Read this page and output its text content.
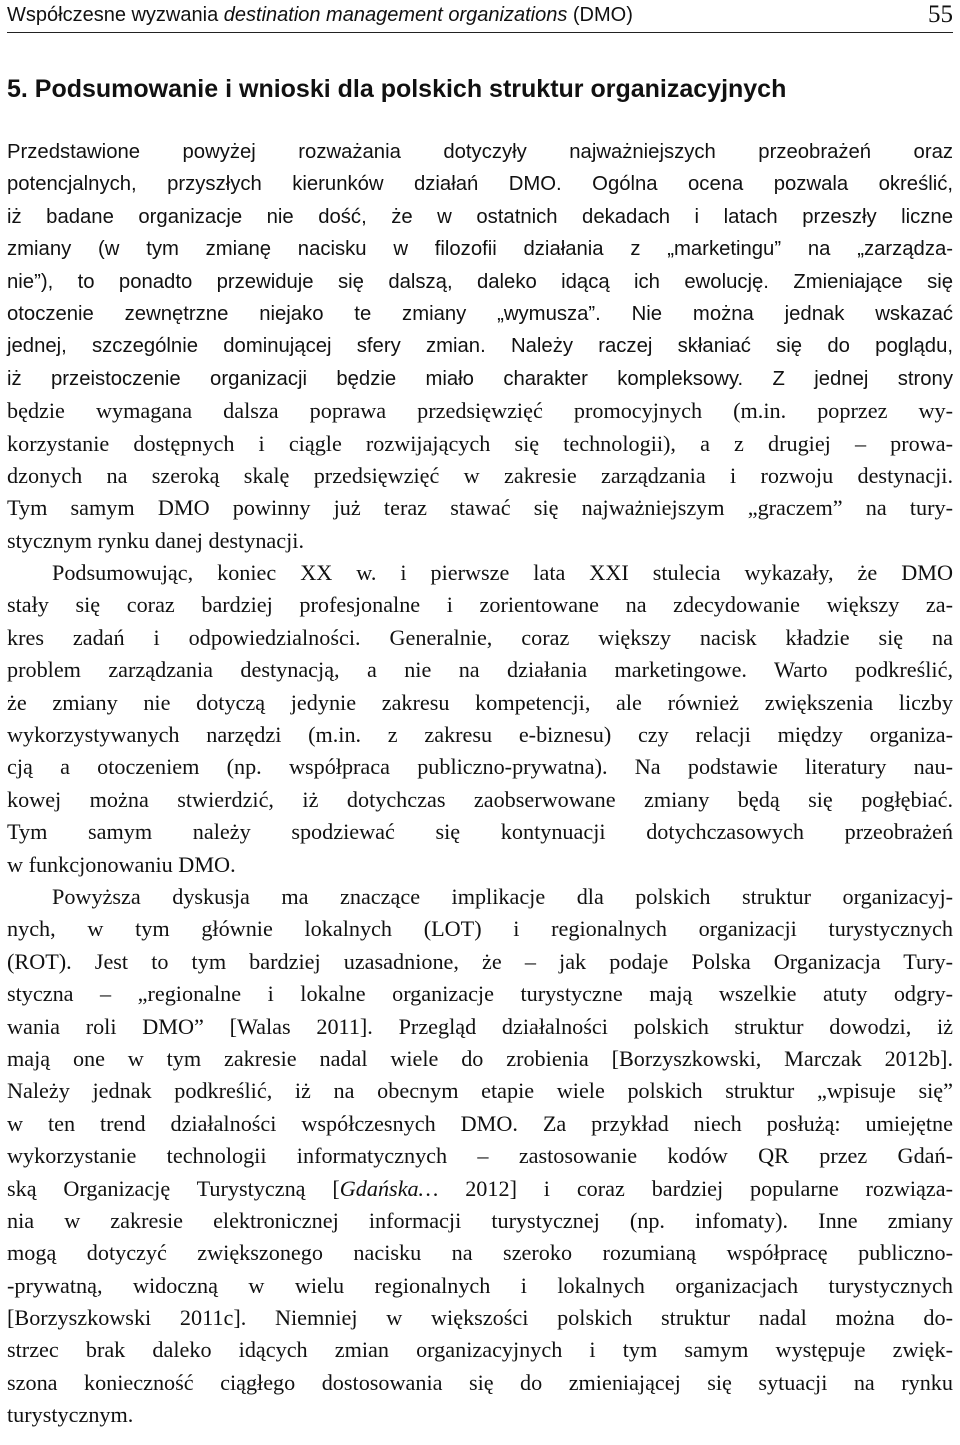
Współczesne wyzwania destination management organizations (DMO)	55
5. Podsumowanie i wnioski dla polskich struktur organizacyjnych
Przedstawione powyżej rozważania dotyczyły najważniejszych przeobrażeń oraz
potencjalnych, przyszłych kierunków działań DMO. Ogólna ocena pozwala określić,
iż badane organizacje nie dość, że w ostatnich dekadach i latach przeszły liczne
zmiany (w tym zmianę nacisku w filozofii działania z „marketingu” na „zarządza-
nie”), to ponadto przewiduje się dalszą, daleko idącą ich ewolucję. Zmieniające się
otoczenie zewnętrzne niejako te zmiany „wymusza”. Nie można jednak wskazać
jednej, szczególnie dominującej sfery zmian. Należy raczej skłaniać się do poglądu,
iż przeistoczenie organizacji będzie miało charakter kompleksowy. Z jednej strony
będzie wymagana dalsza poprawa przedsięwzięć promocyjnych (m.in. poprzez wy-
korzystanie dostępnych i ciągle rozwijających się technologii), a z drugiej – prowa-
dzonych na szeroką skalę przedsięwzięć w zakresie zarządzania i rozwoju destynacji.
Tym samym DMO powinny już teraz stawać się najważniejszym „graczem” na tury-
stycznym rynku danej destynacji.
Podsumowując, koniec XX w. i pierwsze lata XXI stulecia wykazały, że DMO
stały się coraz bardziej profesjonalne i zorientowane na zdecydowanie większy za-
kres zadań i odpowiedzialności. Generalnie, coraz większy nacisk kładzie się na
problem zarządzania destynacją, a nie na działania marketingowe. Warto podkreślić,
że zmiany nie dotyczą jedynie zakresu kompetencji, ale również zwiększenia liczby
wykorzystywanych narzędzi (m.in. z zakresu e-biznesu) czy relacji między organiza-
cją a otoczeniem (np. współpraca publiczno-prywatna). Na podstawie literatury nau-
kowej można stwierdzić, iż dotychczas zaobserwowane zmiany będą się pogłębiać.
Tym samym należy spodziewać się kontynuacji dotychczasowych przeobrażeń
w funkcjonowaniu DMO.
Powyższa dyskusja ma znaczące implikacje dla polskich struktur organizacyj-
nych, w tym głównie lokalnych (LOT) i regionalnych organizacji turystycznych
(ROT). Jest to tym bardziej uzasadnione, że – jak podaje Polska Organizacja Tury-
styczna – „regionalne i lokalne organizacje turystyczne mają wszelkie atuty odgry-
wania roli DMO” [Walas 2011]. Przegląd działalności polskich struktur dowodzi, iż
mają one w tym zakresie nadal wiele do zrobienia [Borzyszkowski, Marczak 2012b].
Należy jednak podkreślić, iż na obecnym etapie wiele polskich struktur „wpisuje się”
w ten trend działalności współczesnych DMO. Za przykład niech posłużą: umiejętne
wykorzystanie technologii informatycznych – zastosowanie kodów QR przez Gdań-
ską Organizację Turystyczną [Gdańska… 2012] i coraz bardziej popularne rozwiąza-
nia w zakresie elektronicznej informacji turystycznej (np. infomaty). Inne zmiany
mogą dotyczyć zwiększonego nacisku na szeroko rozumianą współpracę publiczno-
-prywatną, widoczną w wielu regionalnych i lokalnych organizacjach turystycznych
[Borzyszkowski 2011c]. Niemniej w większości polskich struktur nadal można do-
strzec brak daleko idących zmian organizacyjnych i tym samym występuje zwięk-
szona konieczność ciągłego dostosowania się do zmieniającej się sytuacji na rynku
turystycznym.
